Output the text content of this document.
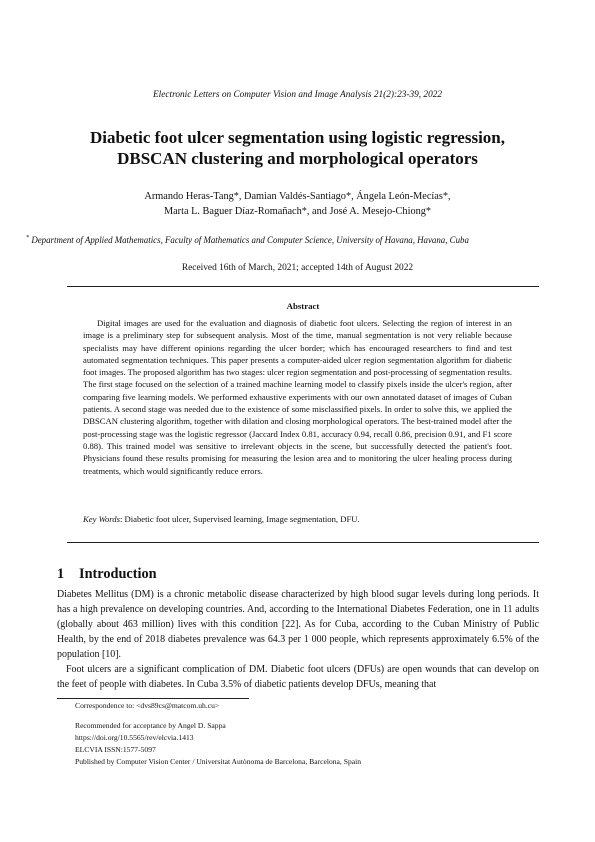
Electronic Letters on Computer Vision and Image Analysis 21(2):23-39, 2022
Diabetic foot ulcer segmentation using logistic regression,
DBSCAN clustering and morphological operators
Armando Heras-Tang*, Damian Valdés-Santiago*, Ángela León-Mecías*,
Marta L. Baguer Díaz-Romañach*, and José A. Mesejo-Chiong*
* Department of Applied Mathematics, Faculty of Mathematics and Computer Science, University of Havana, Havana, Cuba
Received 16th of March, 2021; accepted 14th of August 2022
Abstract
Digital images are used for the evaluation and diagnosis of diabetic foot ulcers. Selecting the region of interest in an image is a preliminary step for subsequent analysis. Most of the time, manual segmentation is not very reliable because specialists may have different opinions regarding the ulcer border; which has encouraged researchers to find and test automated segmentation techniques. This paper presents a computer-aided ulcer region segmentation algorithm for diabetic foot images. The proposed algorithm has two stages: ulcer region segmentation and post-processing of segmentation results. The first stage focused on the selection of a trained machine learning model to classify pixels inside the ulcer's region, after comparing five learning models. We performed exhaustive experiments with our own annotated dataset of images of Cuban patients. A second stage was needed due to the existence of some misclassified pixels. In order to solve this, we applied the DBSCAN clustering algorithm, together with dilation and closing morphological operators. The best-trained model after the post-processing stage was the logistic regressor (Jaccard Index 0.81, accuracy 0.94, recall 0.86, precision 0.91, and F1 score 0.88). This trained model was sensitive to irrelevant objects in the scene, but successfully detected the patient's foot. Physicians found these results promising for measuring the lesion area and to monitoring the ulcer healing process during treatments, which would significantly reduce errors.
Key Words: Diabetic foot ulcer, Supervised learning, Image segmentation, DFU.
1 Introduction

Diabetes Mellitus (DM) is a chronic metabolic disease characterized by high blood sugar levels during long periods. It has a high prevalence on developing countries. And, according to the International Diabetes Federation, one in 11 adults (globally about 463 million) lives with this condition [22]. As for Cuba, according to the Cuban Ministry of Public Health, by the end of 2018 diabetes prevalence was 64.3 per 1 000 people, which represents approximately 6.5% of the population [10].

Foot ulcers are a significant complication of DM. Diabetic foot ulcers (DFUs) are open wounds that can develop on the feet of people with diabetes. In Cuba 3.5% of diabetic patients develop DFUs, meaning that

Correspondence to: <dvs89cs@matcom.uh.cu>
Recommended for acceptance by Angel D. Sappa
https://doi.org/10.5565/rev/elcvia.1413
ELCVIA ISSN:1577-5097
Published by Computer Vision Center / Universitat Autònoma de Barcelona, Barcelona, Spain
